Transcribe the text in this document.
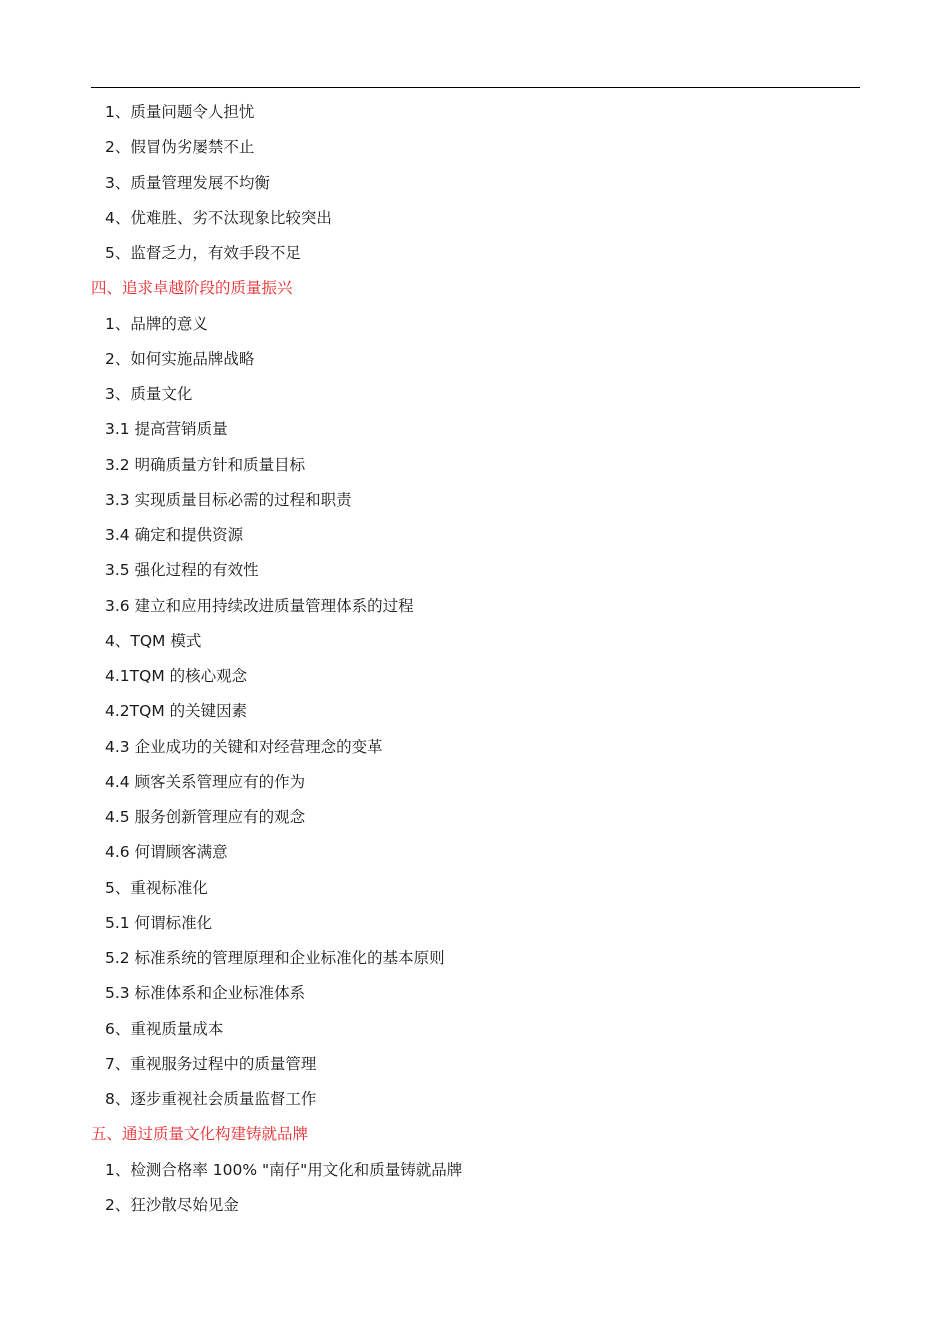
1、质量问题令人担忧
2、假冒伪劣屡禁不止
3、质量管理发展不均衡
4、优难胜、劣不汰现象比较突出
5、监督乏力，有效手段不足
四、追求卓越阶段的质量振兴
1、品牌的意义
2、如何实施品牌战略
3、质量文化
3.1 提高营销质量
3.2 明确质量方针和质量目标
3.3 实现质量目标必需的过程和职责
3.4 确定和提供资源
3.5 强化过程的有效性
3.6 建立和应用持续改进质量管理体系的过程
4、TQM 模式
4.1TQM 的核心观念
4.2TQM 的关键因素
4.3 企业成功的关键和对经营理念的变革
4.4 顾客关系管理应有的作为
4.5 服务创新管理应有的观念
4.6 何谓顾客满意
5、重视标准化
5.1 何谓标准化
5.2 标准系统的管理原理和企业标准化的基本原则
5.3 标准体系和企业标准体系
6、重视质量成本
7、重视服务过程中的质量管理
8、逐步重视社会质量监督工作
五、通过质量文化构建铸就品牌
1、检测合格率 100% "南仔"用文化和质量铸就品牌
2、狂沙散尽始见金
